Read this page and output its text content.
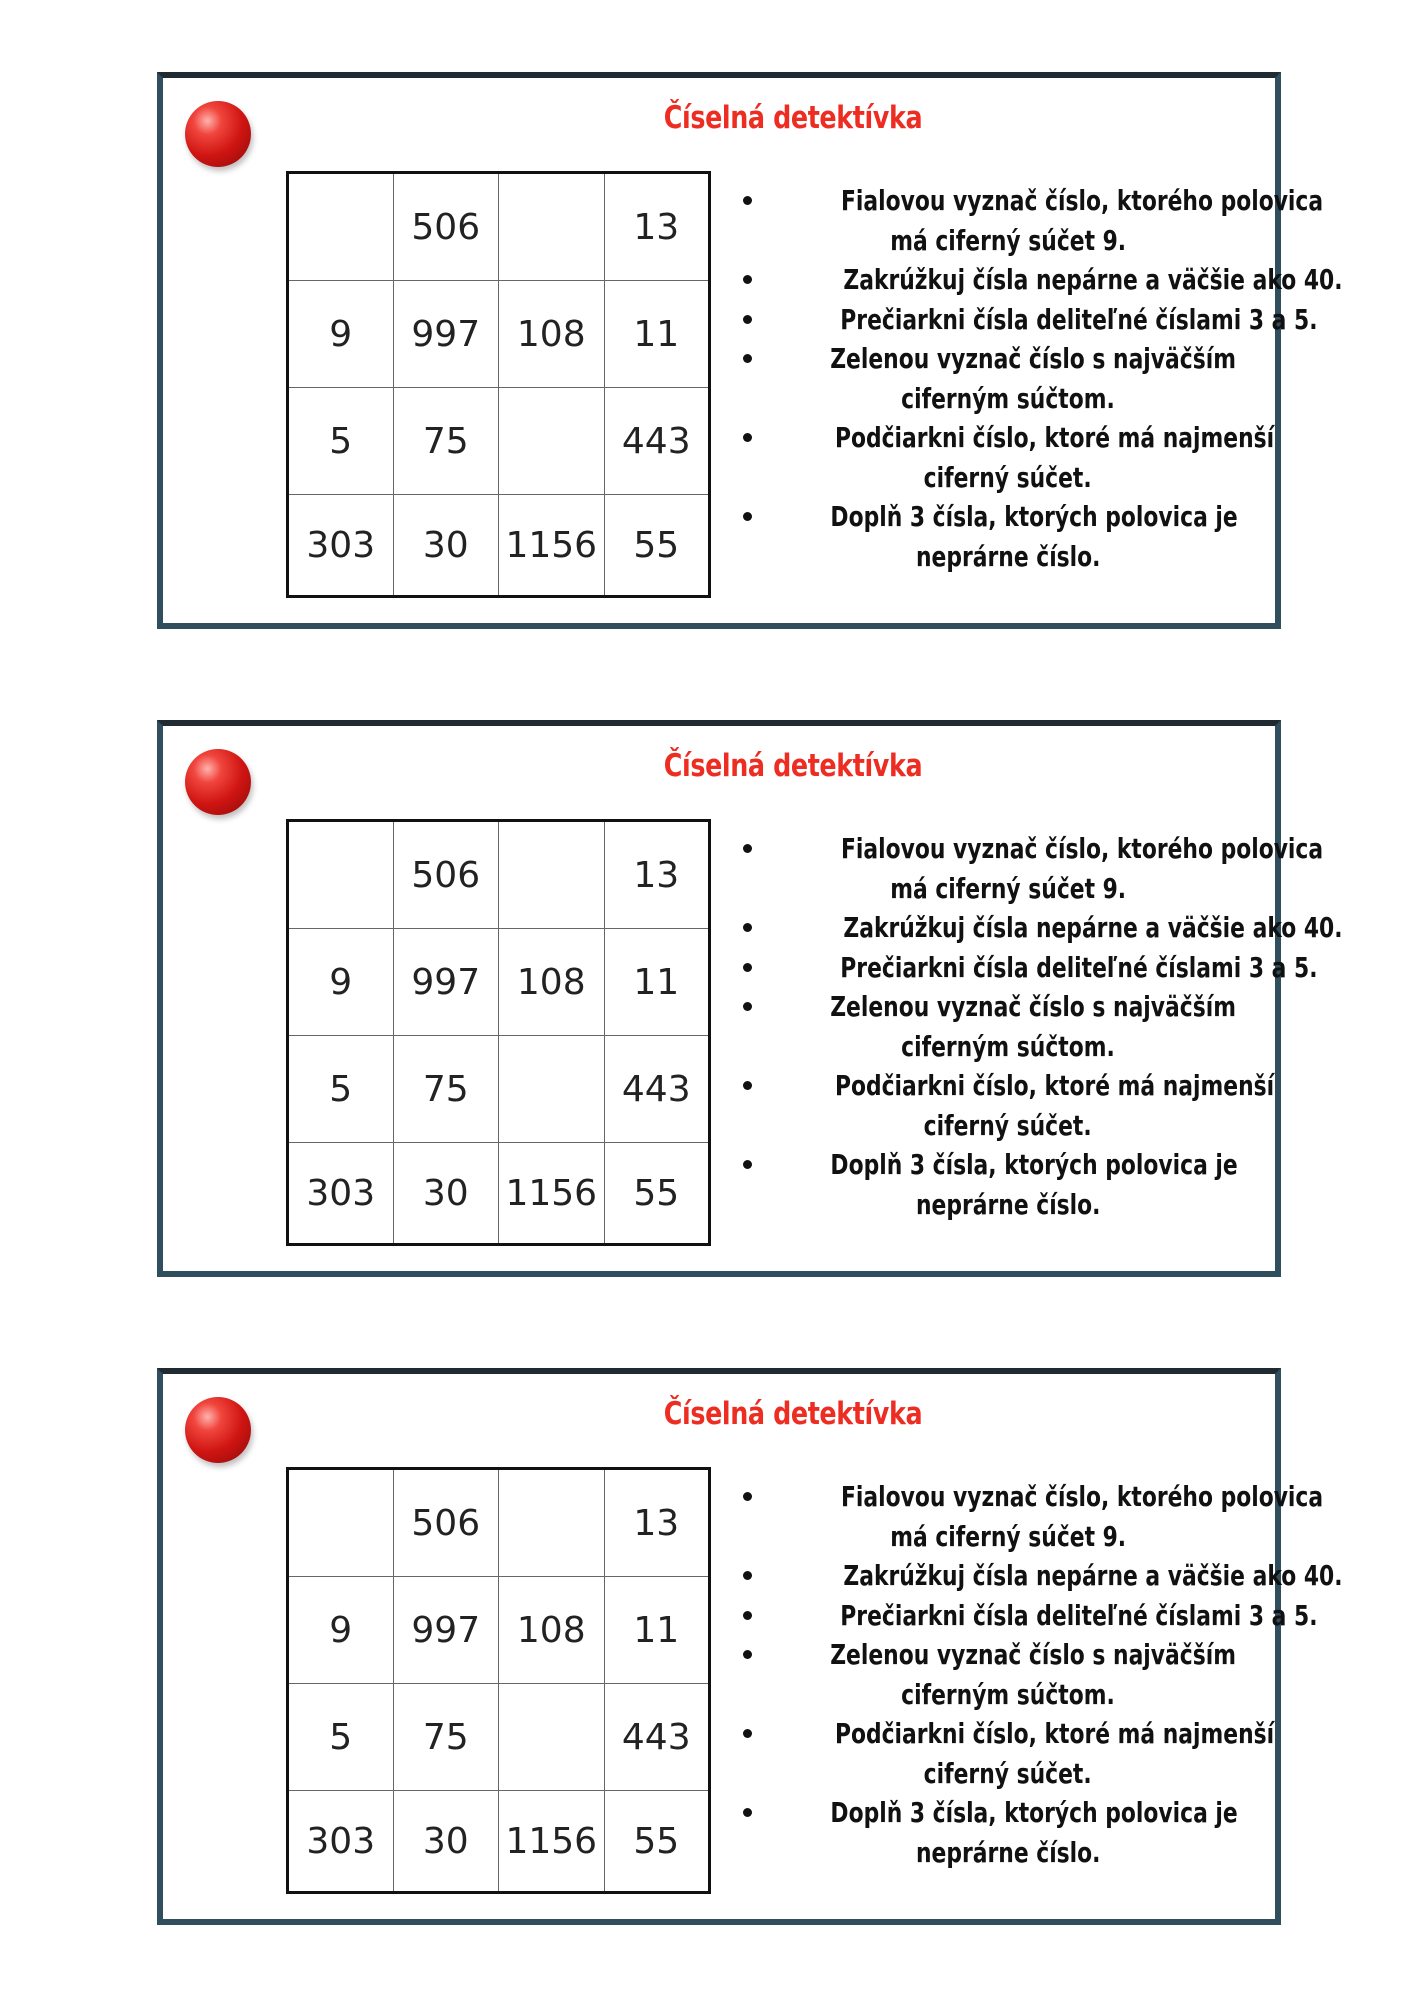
Číselná detektívka
	506		13
9	997	108	11
5	75		443
303	30	1156	55
Fialovou vyznač číslo, ktorého polovica
má ciferný súčet 9.
Zakrúžkuj čísla nepárne a väčšie ako 40.
Prečiarkni čísla deliteľné číslami 3 a 5.
Zelenou vyznač číslo s najväčším
ciferným súčtom.
Podčiarkni číslo, ktoré má najmenší
ciferný súčet.
Doplň 3 čísla, ktorých polovica je
neprárne číslo.
Číselná detektívka
	506		13
9	997	108	11
5	75		443
303	30	1156	55
Fialovou vyznač číslo, ktorého polovica
má ciferný súčet 9.
Zakrúžkuj čísla nepárne a väčšie ako 40.
Prečiarkni čísla deliteľné číslami 3 a 5.
Zelenou vyznač číslo s najväčším
ciferným súčtom.
Podčiarkni číslo, ktoré má najmenší
ciferný súčet.
Doplň 3 čísla, ktorých polovica je
neprárne číslo.
Číselná detektívka
	506		13
9	997	108	11
5	75		443
303	30	1156	55
Fialovou vyznač číslo, ktorého polovica
má ciferný súčet 9.
Zakrúžkuj čísla nepárne a väčšie ako 40.
Prečiarkni čísla deliteľné číslami 3 a 5.
Zelenou vyznač číslo s najväčším
ciferným súčtom.
Podčiarkni číslo, ktoré má najmenší
ciferný súčet.
Doplň 3 čísla, ktorých polovica je
neprárne číslo.
